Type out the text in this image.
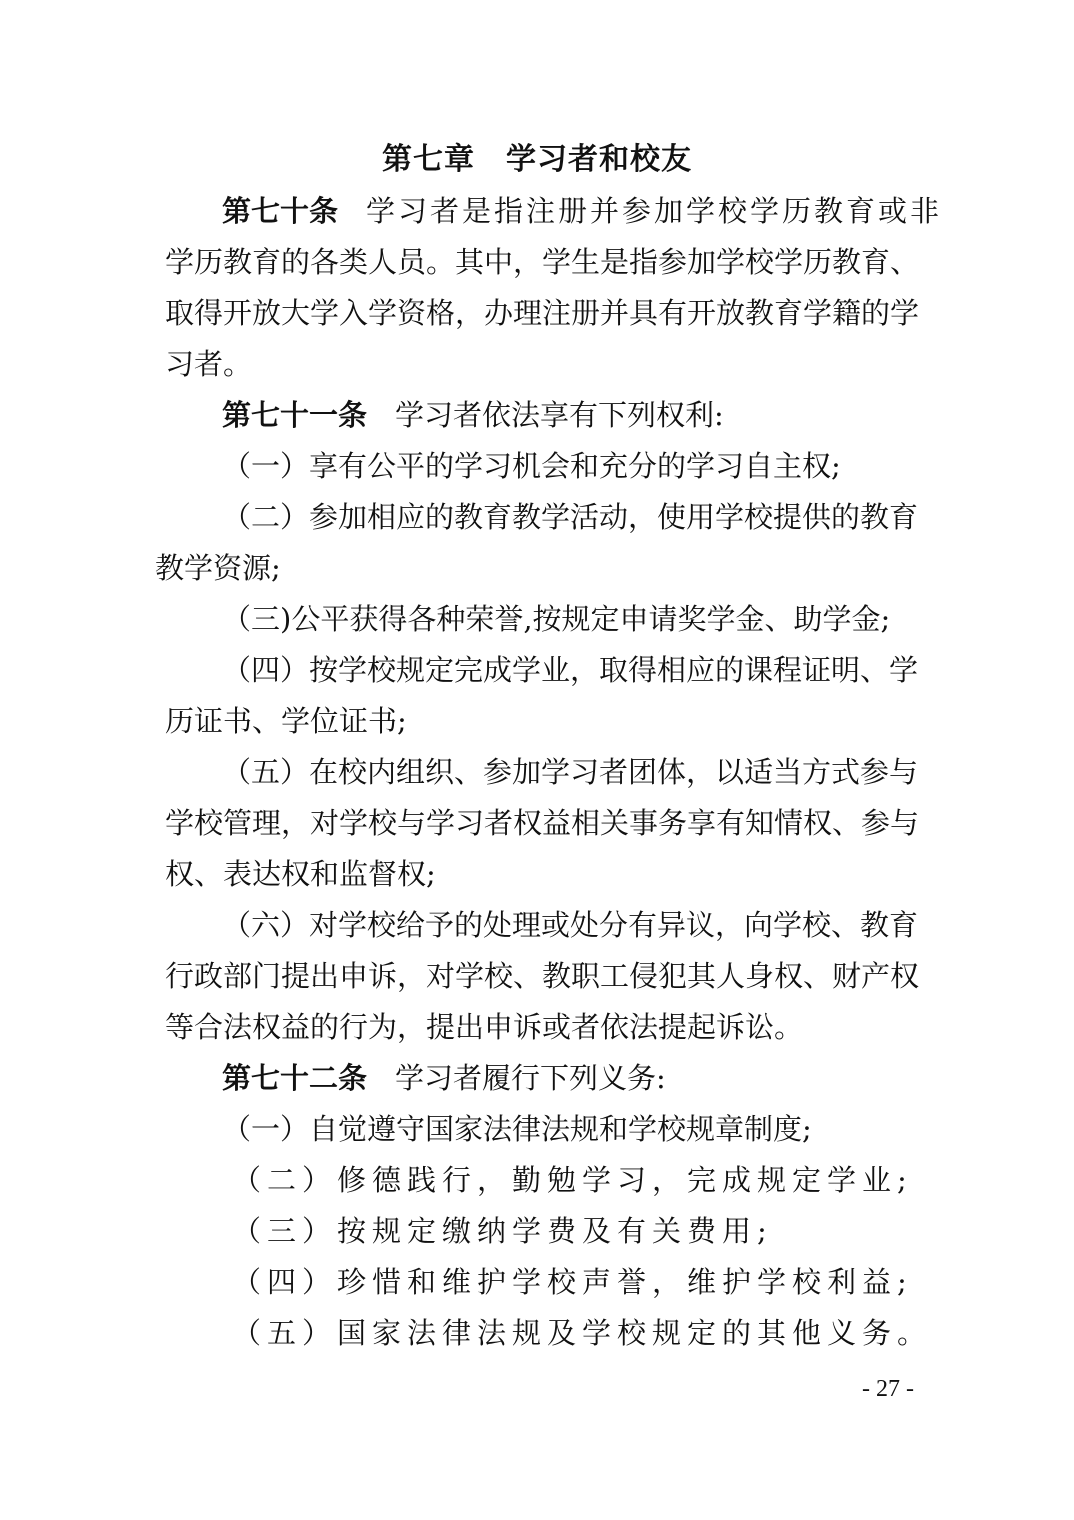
第七章　学习者和校友
第七十条 学习者是指注册并参加学校学历教育或非
学历教育的各类人员。其中，学生是指参加学校学历教育、
取得开放大学入学资格，办理注册并具有开放教育学籍的学
习者。
第七十一条 学习者依法享有下列权利:
（一）享有公平的学习机会和充分的学习自主权;
（二）参加相应的教育教学活动，使用学校提供的教育
教学资源;
（三)公平获得各种荣誉,按规定申请奖学金、助学金;
（四）按学校规定完成学业，取得相应的课程证明、学
历证书、学位证书;
（五）在校内组织、参加学习者团体，以适当方式参与
学校管理，对学校与学习者权益相关事务享有知情权、参与
权、表达权和监督权;
（六）对学校给予的处理或处分有异议，向学校、教育
行政部门提出申诉，对学校、教职工侵犯其人身权、财产权
等合法权益的行为，提出申诉或者依法提起诉讼。
第七十二条 学习者履行下列义务:
（一）自觉遵守国家法律法规和学校规章制度;
（二）修德践行，勤勉学习，完成规定学业;
（三）按规定缴纳学费及有关费用;
（四）珍惜和维护学校声誉，维护学校利益;
（五）国家法律法规及学校规定的其他义务。
- 27 -
